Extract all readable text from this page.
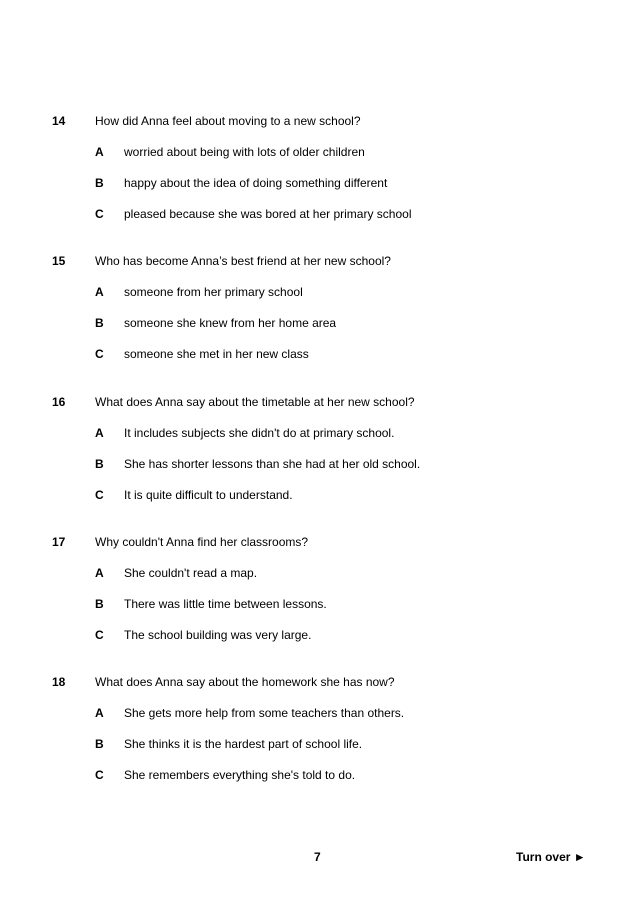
14 How did Anna feel about moving to a new school?
A worried about being with lots of older children
B happy about the idea of doing something different
C pleased because she was bored at her primary school
15 Who has become Anna’s best friend at her new school?
A someone from her primary school
B someone she knew from her home area
C someone she met in her new class
16 What does Anna say about the timetable at her new school?
A It includes subjects she didn't do at primary school.
B She has shorter lessons than she had at her old school.
C It is quite difficult to understand.
17 Why couldn't Anna find her classrooms?
A She couldn't read a map.
B There was little time between lessons.
C The school building was very large.
18 What does Anna say about the homework she has now?
A She gets more help from some teachers than others.
B She thinks it is the hardest part of school life.
C She remembers everything she's told to do.
7	Turn over ►
